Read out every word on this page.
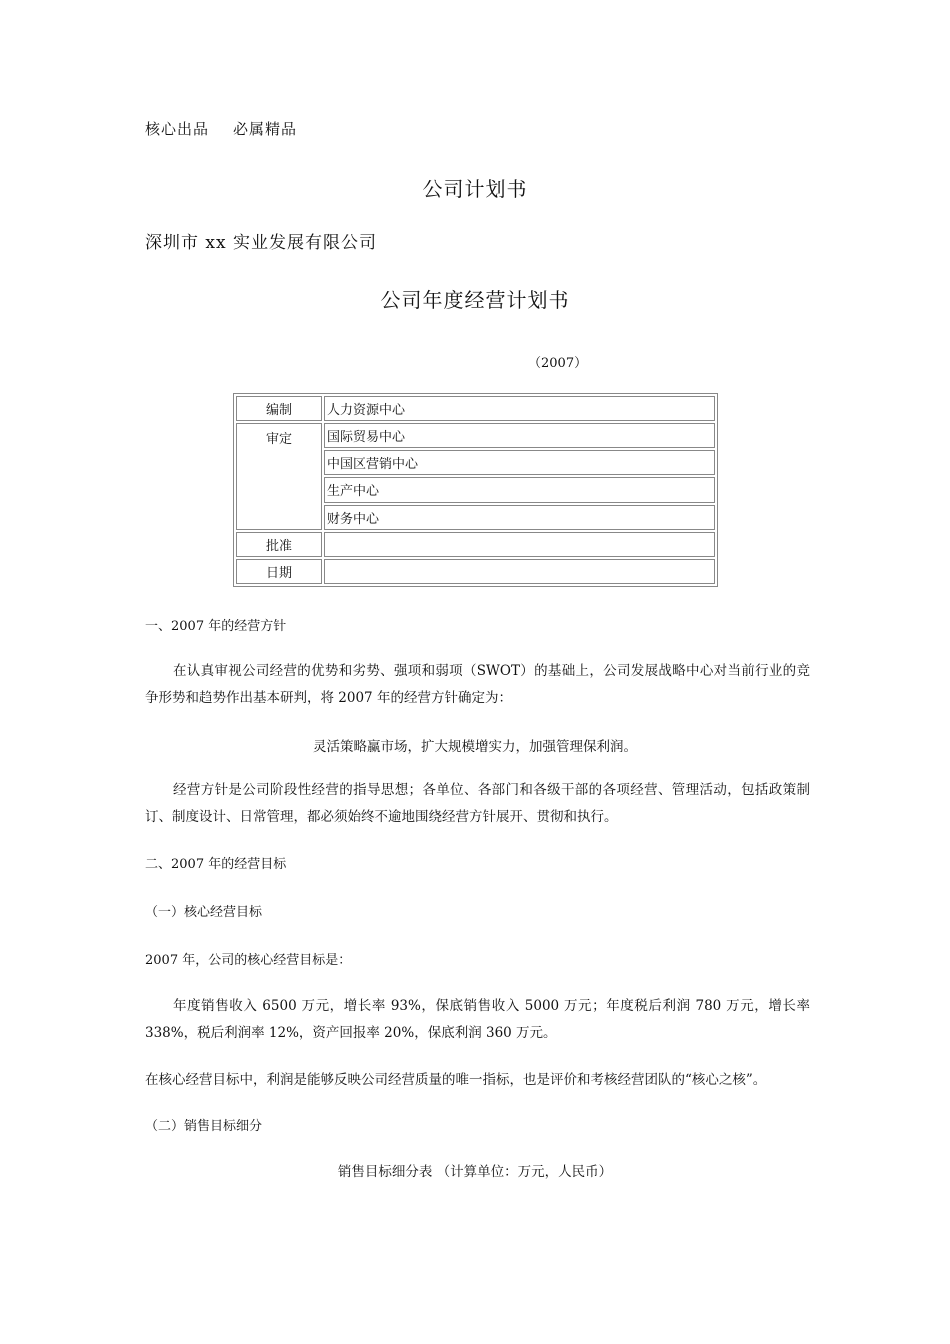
核心出品 必属精品
公司计划书
深圳市 xx 实业发展有限公司
公司年度经营计划书
（2007）
编制	人力资源中心
审定	国际贸易中心
	中国区营销中心
	生产中心
	财务中心
批准	
日期	
一、2007 年的经营方针

在认真审视公司经营的优势和劣势、强项和弱项（SWOT）的基础上，公司发展战略中心对当前行业的竞争形势和趋势作出基本研判，将 2007 年的经营方针确定为：

灵活策略赢市场，扩大规模增实力，加强管理保利润。

经营方针是公司阶段性经营的指导思想；各单位、各部门和各级干部的各项经营、管理活动，包括政策制订、制度设计、日常管理，都必须始终不逾地围绕经营方针展开、贯彻和执行。

二、2007 年的经营目标
（一）核心经营目标
2007 年，公司的核心经营目标是：

年度销售收入 6500 万元，增长率 93%，保底销售收入 5000 万元；年度税后利润 780 万元，增长率 338%，税后利润率 12%，资产回报率 20%，保底利润 360 万元。

在核心经营目标中，利润是能够反映公司经营质量的唯一指标，也是评价和考核经营团队的“核心之核”。
（二）销售目标细分
销售目标细分表 （计算单位：万元，人民币）
